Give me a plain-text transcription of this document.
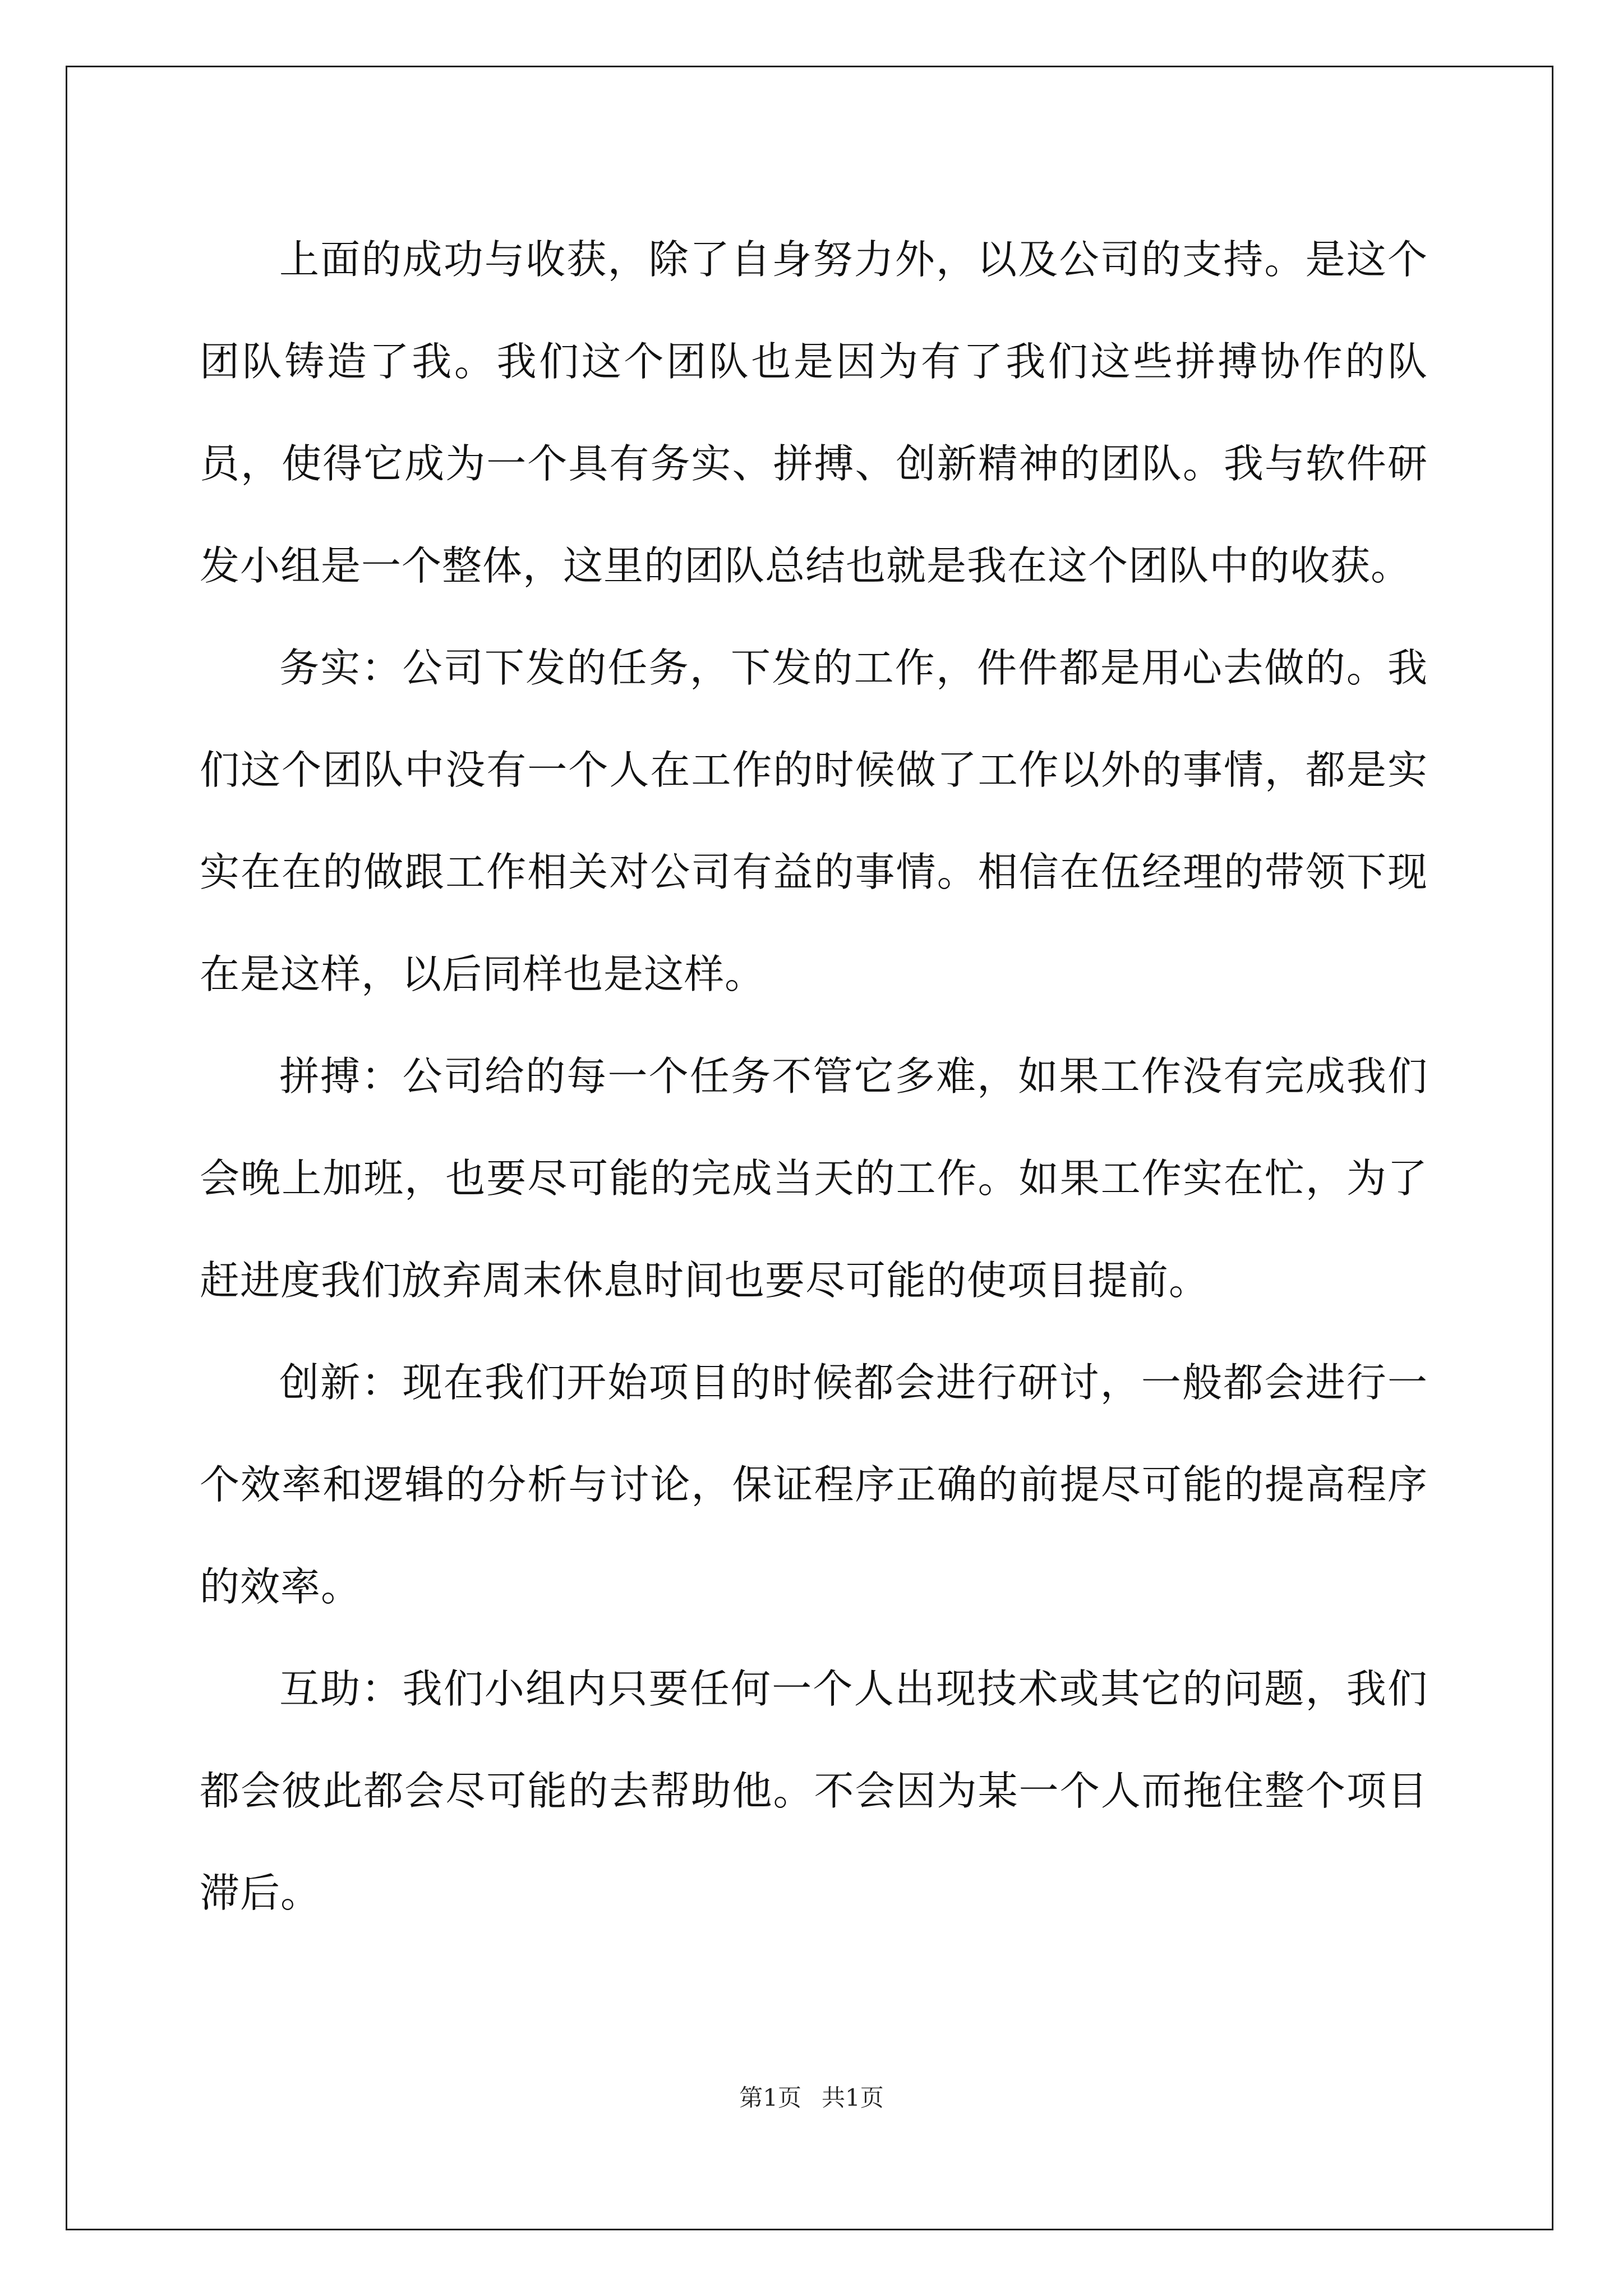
上面的成功与收获，除了自身努力外，以及公司的支持。是这个团队铸造了我。我们这个团队也是因为有了我们这些拼搏协作的队员，使得它成为一个具有务实、拼搏、创新精神的团队。我与软件研发小组是一个整体，这里的团队总结也就是我在这个团队中的收获。

务实：公司下发的任务，下发的工作，件件都是用心去做的。我们这个团队中没有一个人在工作的时候做了工作以外的事情，都是实实在在的做跟工作相关对公司有益的事情。相信在伍经理的带领下现在是这样，以后同样也是这样。

拼搏：公司给的每一个任务不管它多难，如果工作没有完成我们会晚上加班，也要尽可能的完成当天的工作。如果工作实在忙，为了赶进度我们放弃周末休息时间也要尽可能的使项目提前。

创新：现在我们开始项目的时候都会进行研讨，一般都会进行一个效率和逻辑的分析与讨论，保证程序正确的前提尽可能的提高程序的效率。

互助：我们小组内只要任何一个人出现技术或其它的问题，我们都会彼此都会尽可能的去帮助他。不会因为某一个人而拖住整个项目滞后。

第1页 共1页
